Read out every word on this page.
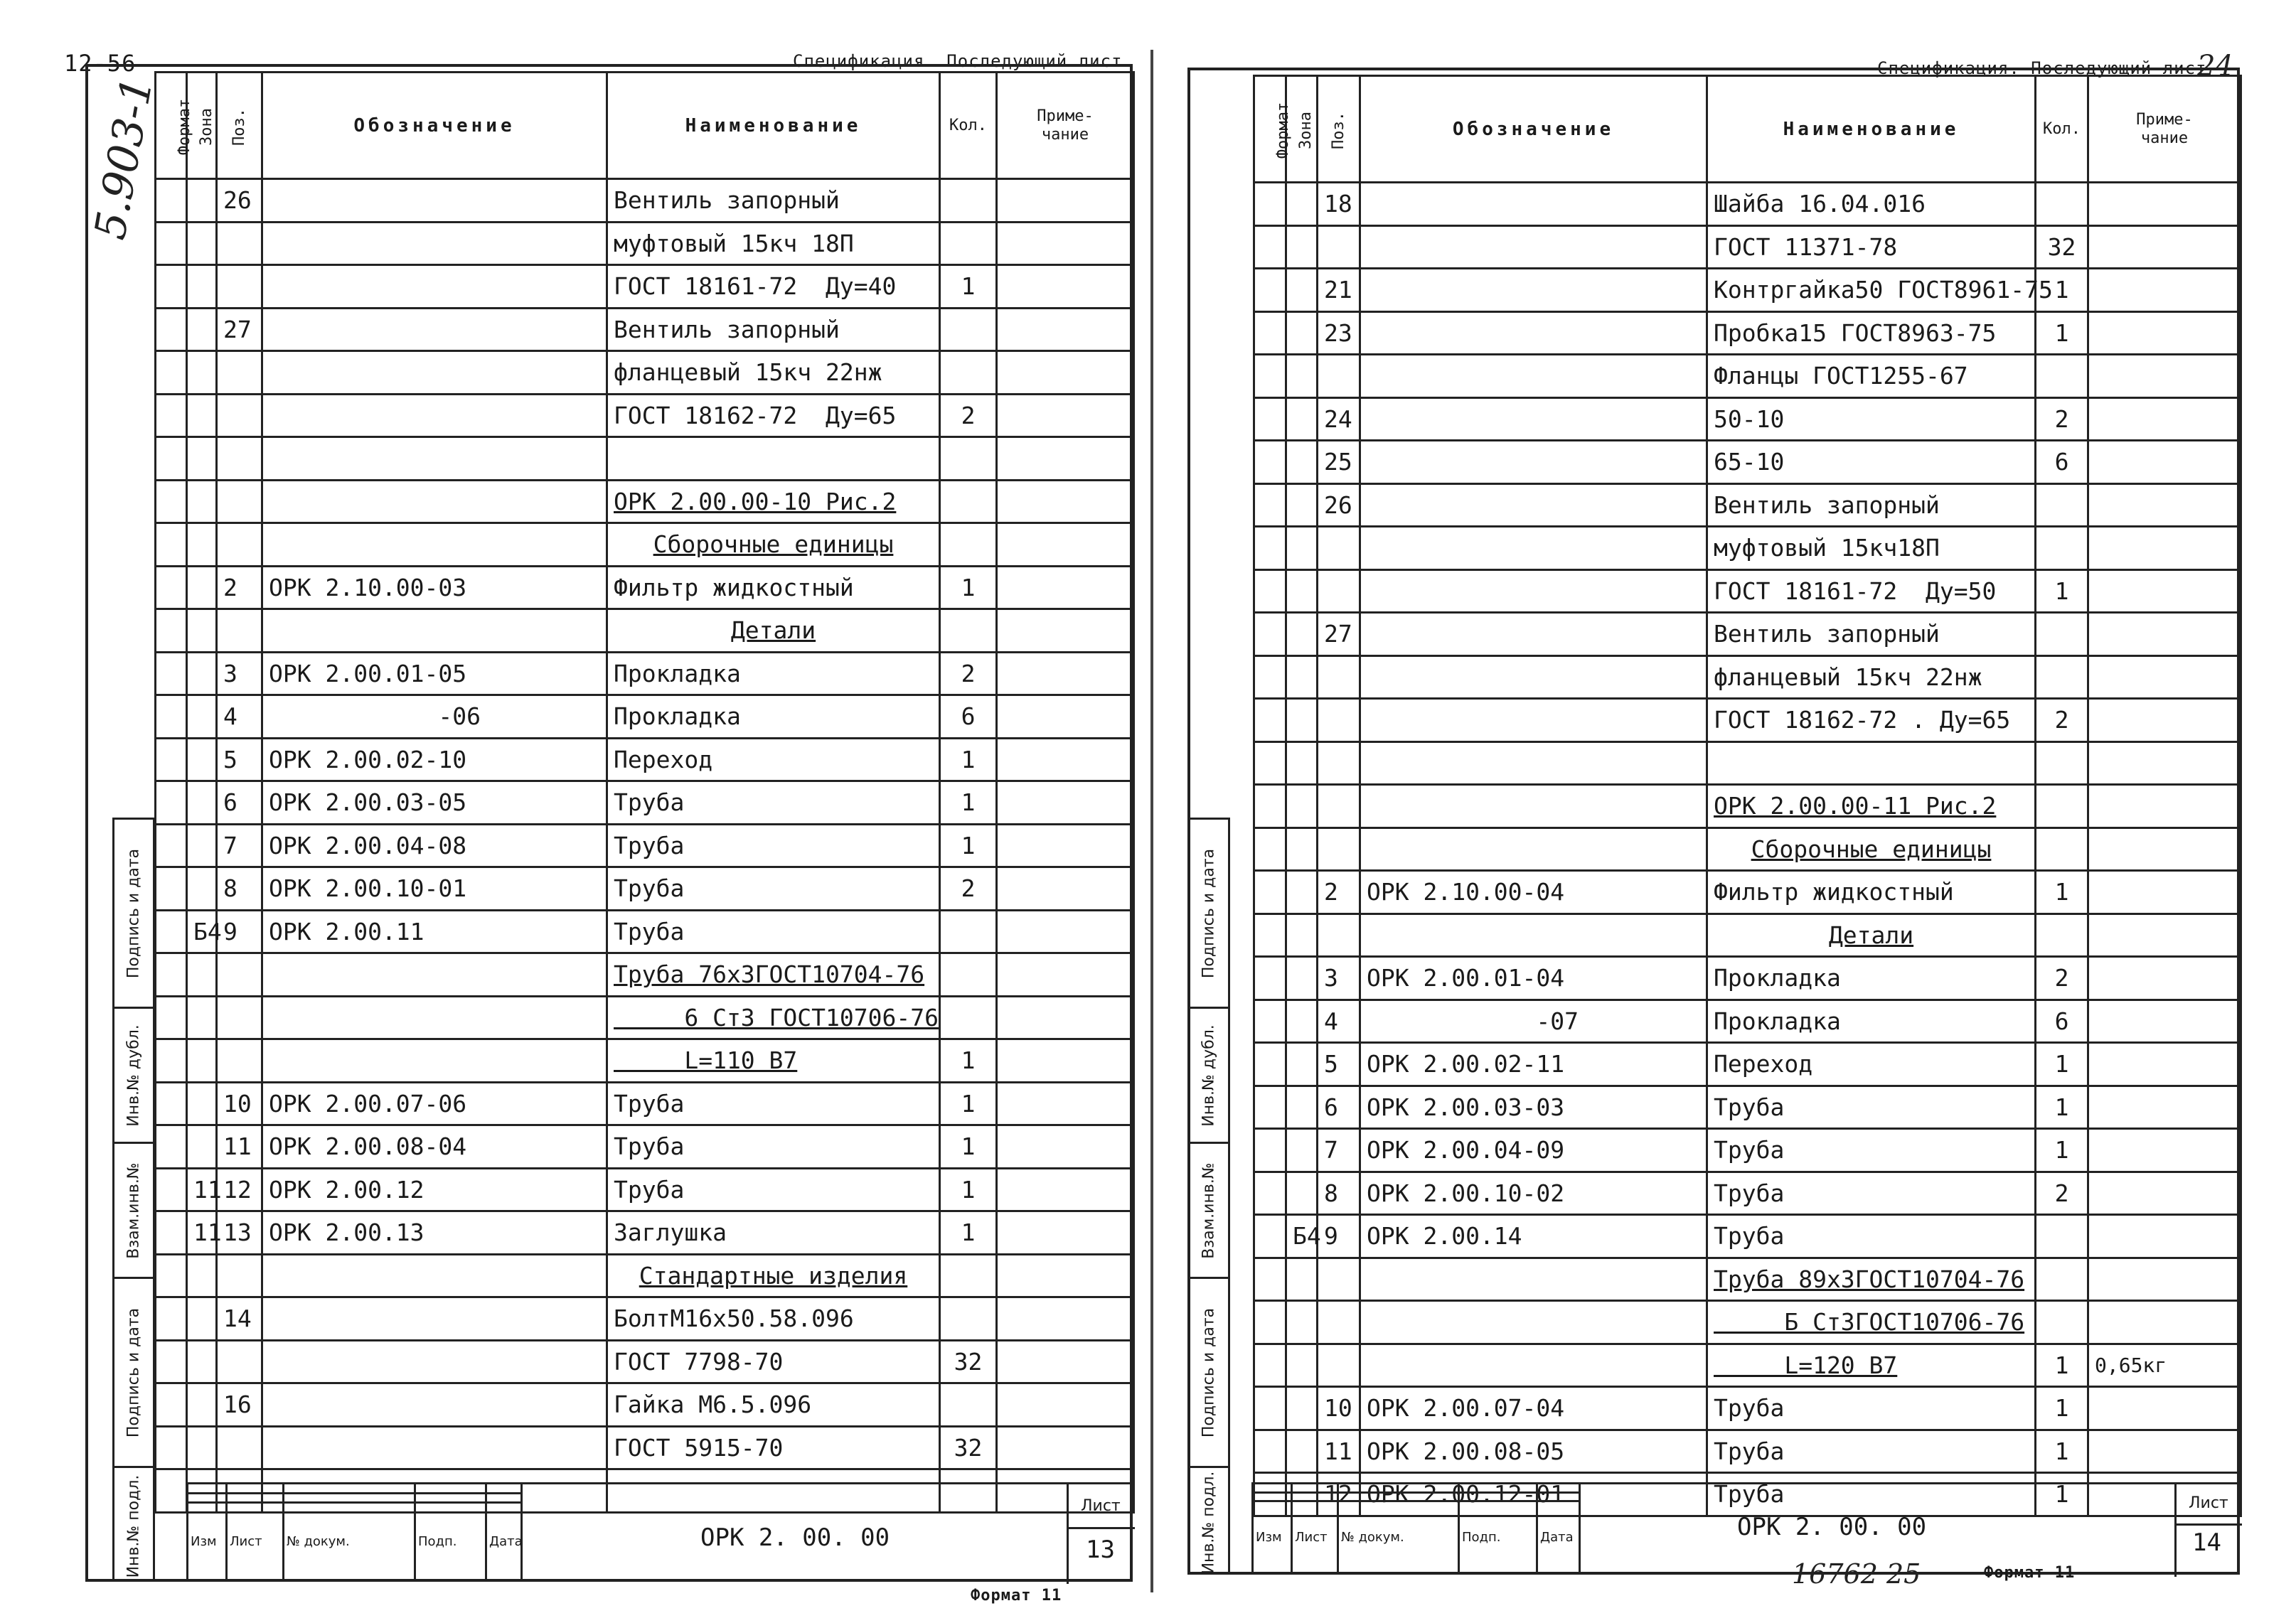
12-56
5.903-1
Спецификация. Последующий лист
Формат	Зона	Поз.	Обозначение	Наименование	Кол.	Приме-
чание
		26		Вентиль запорный		
				муфтовый 15кч 18П		
				ГОСТ 18161-72  Ду=40	1	
		27		Вентиль запорный		
				фланцевый 15кч 22нж		
				ГОСТ 18162-72  Ду=65	2	

				ОРК 2.00.00-10 Рис.2		
				Сборочные единицы		
		2	ОРК 2.10.00-03	Фильтр жидкостный	1	
				Детали		
		3	ОРК 2.00.01-05	Прокладка	2	
		4	-06	Прокладка	6	
		5	ОРК 2.00.02-10	Переход	1	
		6	ОРК 2.00.03-05	Труба	1	
		7	ОРК 2.00.04-08	Труба	1	
		8	ОРК 2.00.10-01	Труба	2	
	Б4	9	ОРК 2.00.11	Труба		
				Труба 76х3ГОСТ10704-76		
				6 Ст3 ГОСТ10706-76		
				L=110 В7	1	
		10	ОРК 2.00.07-06	Труба	1	
		11	ОРК 2.00.08-04	Труба	1	
	11	12	ОРК 2.00.12	Труба	1	
	11	13	ОРК 2.00.13	Заглушка	1	
				Стандартные изделия		
		14		БолтМ16х50.58.096		
				ГОСТ 7798-70	32	
		16		Гайка М6.5.096		
				ГОСТ 5915-70	32	

Подпись и дата
Инв.№ дубл.
Взам.инв.№
Подпись и дата
Инв.№ подл.	ОРК 2. 00. 00
Лист
13

Изм	Лист	№ докум.	Подп.	Дата
Формат 11
Спецификация. Последующий лист
24
Формат	Зона	Поз.	Обозначение	Наименование	Кол.	Приме-
чание
		18		Шайба 16.04.016		
				ГОСТ 11371-78	32	
		21		Контргайка50 ГОСТ8961-75	1	
		23		Пробка15 ГОСТ8963-75	1	
				Фланцы ГОСТ1255-67		
		24		50-10	2	
		25		65-10	6	
		26		Вентиль запорный		
				муфтовый 15кч18П		
				ГОСТ 18161-72  Ду=50	1	
		27		Вентиль запорный		
				фланцевый 15кч 22нж		
				ГОСТ 18162-72 . Ду=65	2	

				ОРК 2.00.00-11 Рис.2		
				Сборочные единицы		
		2	ОРК 2.10.00-04	Фильтр жидкостный	1	
				Детали		
		3	ОРК 2.00.01-04	Прокладка	2	
		4	-07	Прокладка	6	
		5	ОРК 2.00.02-11	Переход	1	
		6	ОРК 2.00.03-03	Труба	1	
		7	ОРК 2.00.04-09	Труба	1	
		8	ОРК 2.00.10-02	Труба	2	
	Б4	9	ОРК 2.00.14	Труба		
				Труба 89х3ГОСТ10704-76		
				Б Ст3ГОСТ10706-76		
				L=120 В7	1	0,65кг
		10	ОРК 2.00.07-04	Труба	1	
		11	ОРК 2.00.08-05	Труба	1	
		12	ОРК 2.00.12-01	Труба	1	
Подпись и дата
Инв.№ дубл.
Взам.инв.№
Подпись и дата
Инв.№ подл.	ОРК 2. 00. 00
Лист
14

Изм	Лист	№ докум.	Подп.	Дата
16762 25	Формат 11
